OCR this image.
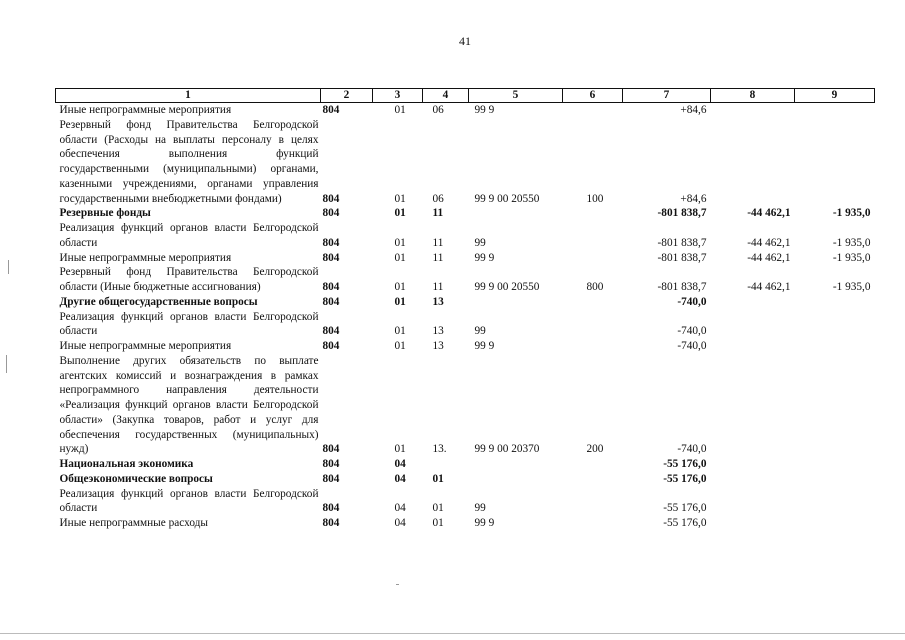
41
1	2	3	4	5	6	7	8	9
Иные непрограммные мероприятия	804	01	06	99 9		+84,6		
Резервный фонд Правительства Белгородской области (Расходы на выплаты персоналу в целях обеспечения выполнения функций государственными (муниципальными) органами, казенными учреждениями, органами управления государственными внебюджетными фондами)	804	01	06	99 9 00 20550	100	+84,6		
Резервные фонды	804	01	11			-801 838,7	-44 462,1	-1 935,0
Реализация функций органов власти Белгородской области	804	01	11	99		-801 838,7	-44 462,1	-1 935,0
Иные непрограммные мероприятия	804	01	11	99 9		-801 838,7	-44 462,1	-1 935,0
Резервный фонд Правительства Белгородской области (Иные бюджетные ассигнования)	804	01	11	99 9 00 20550	800	-801 838,7	-44 462,1	-1 935,0
Другие общегосударственные вопросы	804	01	13			-740,0		
Реализация функций органов власти Белгородской области	804	01	13	99		-740,0		
Иные непрограммные мероприятия	804	01	13	99 9		-740,0		
Выполнение других обязательств по выплате агентских комиссий и вознаграждения в рамках непрограммного направления деятельности «Реализация функций органов власти Белгородской области» (Закупка товаров, работ и услуг для обеспечения государственных (муниципальных) нужд)	804	01	13.	99 9 00 20370	200	-740,0		
Национальная экономика	804	04				-55 176,0		
Общеэкономические вопросы	804	04	01			-55 176,0		
Реализация функций органов власти Белгородской области	804	04	01	99		-55 176,0		
Иные непрограммные расходы	804	04	01	99 9		-55 176,0		
